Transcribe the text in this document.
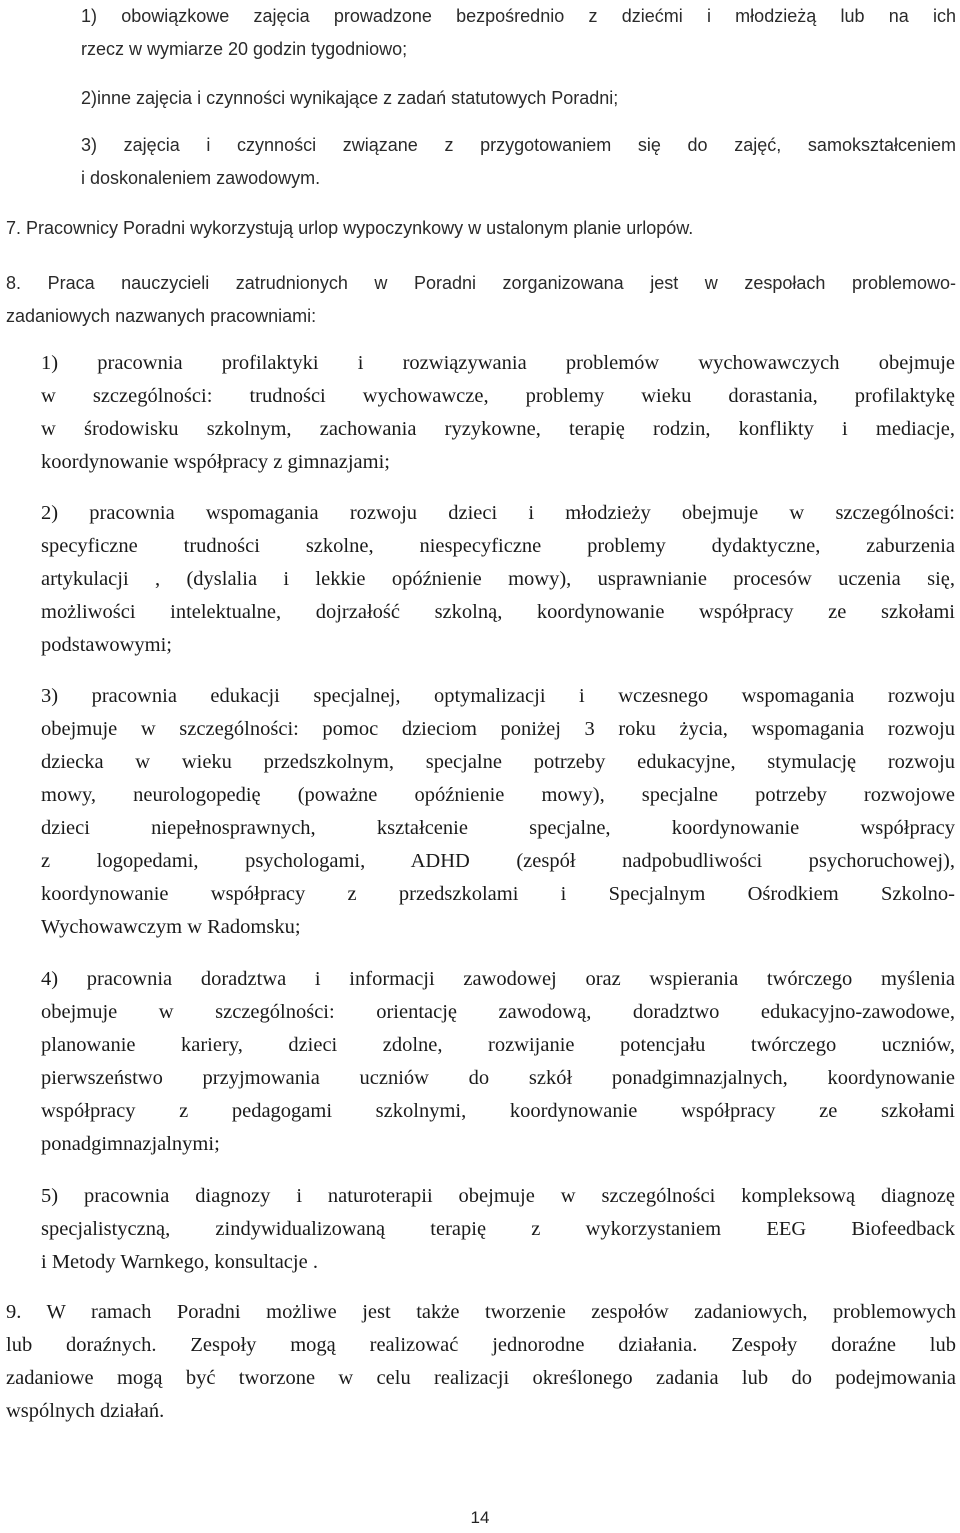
1) obowiązkowe zajęcia prowadzone bezpośrednio z dziećmi i młodzieżą lub na ich
rzecz w wymiarze 20 godzin tygodniowo;
2)inne zajęcia i czynności wynikające z zadań statutowych Poradni;
3) zajęcia i czynności związane z przygotowaniem się do zajęć, samokształceniem
i doskonaleniem zawodowym.
7. Pracownicy Poradni wykorzystują urlop wypoczynkowy w ustalonym planie urlopów.
8. Praca nauczycieli zatrudnionych w Poradni zorganizowana jest w zespołach problemowo-
zadaniowych nazwanych pracowniami:
1) pracownia profilaktyki i rozwiązywania problemów wychowawczych obejmuje
w szczególności: trudności wychowawcze, problemy wieku dorastania, profilaktykę
w środowisku szkolnym, zachowania ryzykowne, terapię rodzin, konflikty i mediacje,
koordynowanie współpracy z gimnazjami;
2) pracownia wspomagania rozwoju dzieci i młodzieży obejmuje w szczególności:
specyficzne trudności szkolne, niespecyficzne problemy dydaktyczne, zaburzenia
artykulacji , (dyslalia i lekkie opóźnienie mowy), usprawnianie procesów uczenia się,
możliwości intelektualne, dojrzałość szkolną, koordynowanie współpracy ze szkołami
podstawowymi;
3) pracownia edukacji specjalnej, optymalizacji i wczesnego wspomagania rozwoju
obejmuje w szczególności: pomoc dzieciom poniżej 3 roku życia, wspomagania rozwoju
dziecka w wieku przedszkolnym, specjalne potrzeby edukacyjne, stymulację rozwoju
mowy, neurologopedię (poważne opóźnienie mowy), specjalne potrzeby rozwojowe
dzieci niepełnosprawnych, kształcenie specjalne, koordynowanie współpracy
z logopedami, psychologami, ADHD (zespół nadpobudliwości psychoruchowej),
koordynowanie współpracy z przedszkolami i Specjalnym Ośrodkiem Szkolno-
Wychowawczym w Radomsku;
4) pracownia doradztwa i informacji zawodowej oraz wspierania twórczego myślenia
obejmuje w szczególności: orientację zawodową, doradztwo edukacyjno-zawodowe,
planowanie kariery, dzieci zdolne, rozwijanie potencjału twórczego uczniów,
pierwszeństwo przyjmowania uczniów do szkół ponadgimnazjalnych, koordynowanie
współpracy z pedagogami szkolnymi, koordynowanie współpracy ze szkołami
ponadgimnazjalnymi;
5) pracownia diagnozy i naturoterapii obejmuje w szczególności kompleksową diagnozę
specjalistyczną, zindywidualizowaną terapię z wykorzystaniem EEG Biofeedback
i Metody Warnkego, konsultacje .
9. W ramach Poradni możliwe jest także tworzenie zespołów zadaniowych, problemowych
lub doraźnych. Zespoły mogą realizować jednorodne działania. Zespoły doraźne lub
zadaniowe mogą być tworzone w celu realizacji określonego zadania lub do podejmowania
wspólnych działań.
14
